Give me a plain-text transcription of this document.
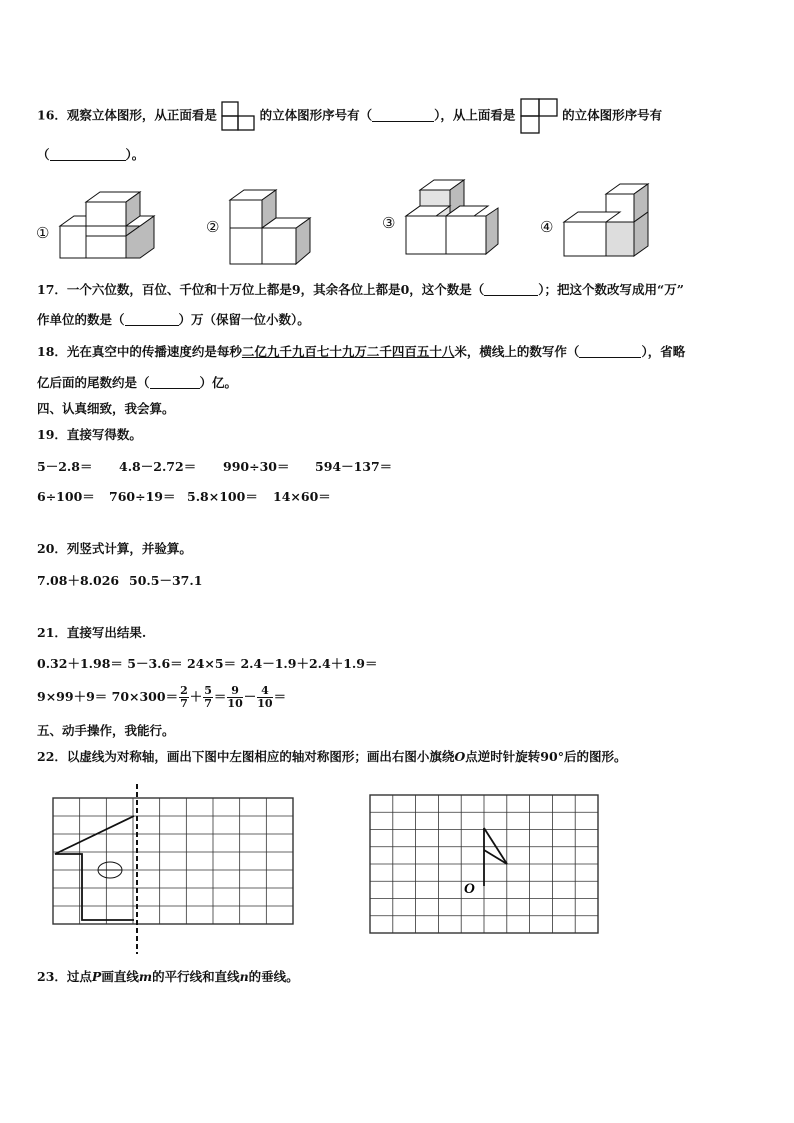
16．观察立体图形，从正面看是	的立体图形序号有（	），从上面看是	的立体图形序号有
（	）。
①	②	③	④
17．一个六位数，百位、千位和十万位上都是9，其余各位上都是0，这个数是（	）；把这个数改写成用“万”
作单位的数是（	）万（保留一位小数）。
18．光在真空中的传播速度约是每秒二亿九千九百七十九万二千四百五十八米，横线上的数写作（	），省略
亿后面的尾数约是（	）亿。
四、认真细致，我会算。
19．直接写得数。
5－2.8＝ 4.8－2.72＝ 990÷30＝ 594－137＝
6÷100＝ 760÷19＝ 5.8×100＝ 14×60＝
20．列竖式计算，并验算。
7.08＋8.026 50.5－37.1
21．直接写出结果.
0.32＋1.98＝ 5－3.6＝ 24×5＝ 2.4－1.9＋2.4＋1.9＝
$9\times 99+9= 70\times 300= \frac{2}{7} + \frac{5}{7} = \frac{9}{10} - \frac{4}{10}$ ＝
五、动手操作，我能行。
22．以虚线为对称轴，画出下图中左图相应的轴对称图形；画出右图小旗绕O点逆时针旋转90°后的图形。
O
23．过点P画直线m的平行线和直线n的垂线。
